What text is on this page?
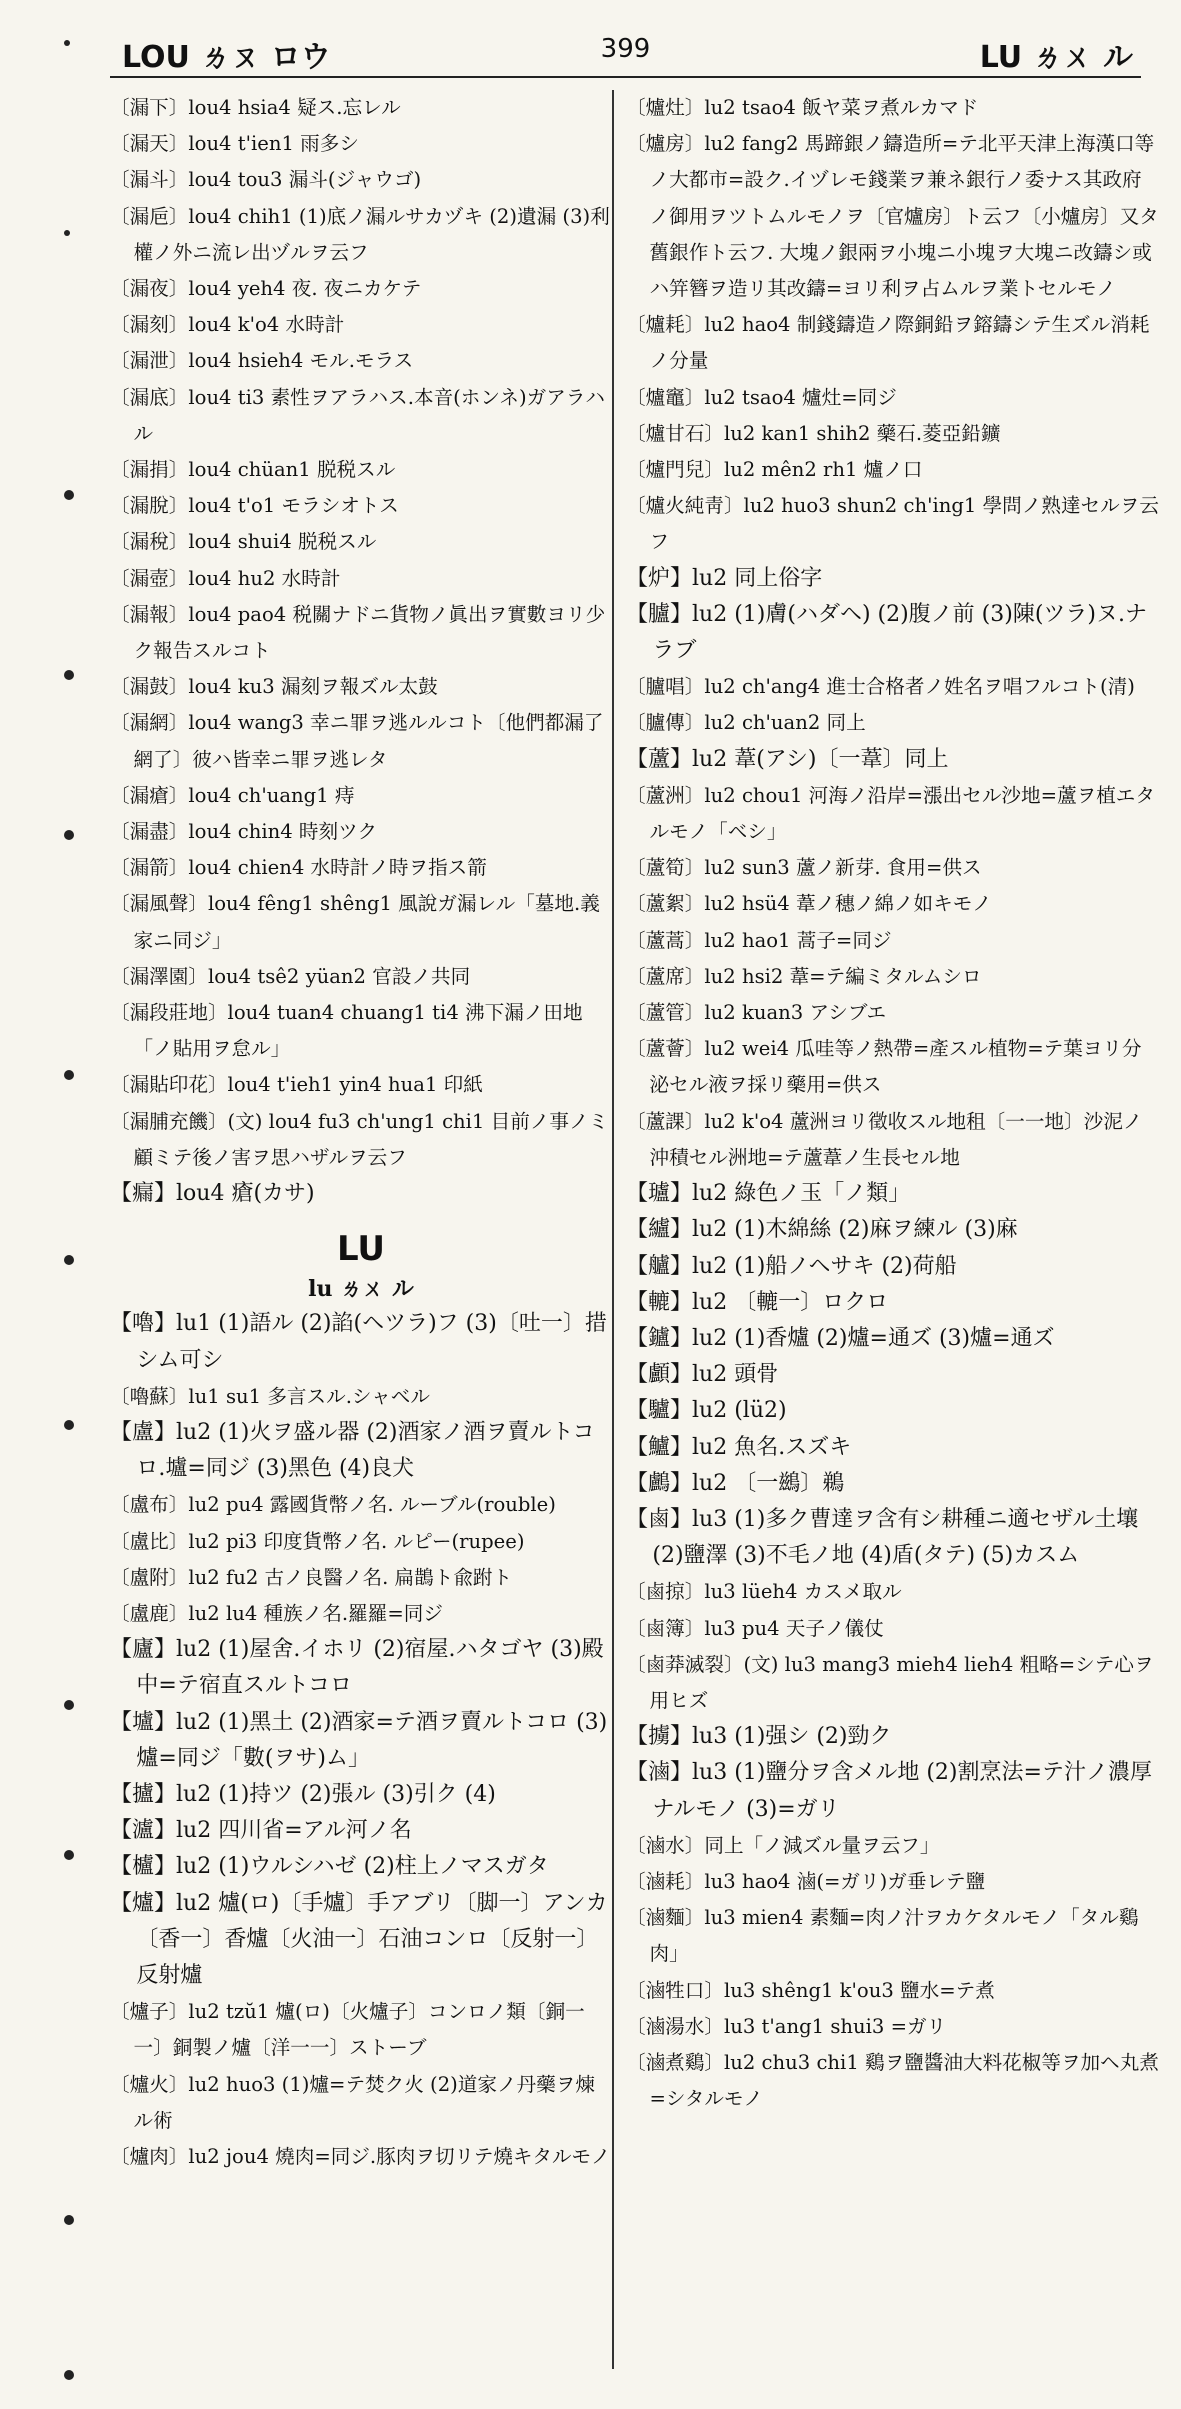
LOU ㄌㄡ ロウ	399	LU ㄌㄨ ル
〔漏下〕lou4 hsia4 疑ス.忘レル
〔漏天〕lou4 t'ien1 雨多シ
〔漏斗〕lou4 tou3 漏斗(ジャウゴ)
〔漏巵〕lou4 chih1 (1)底ノ漏ルサカヅキ (2)遺漏 (3)利權ノ外ニ流レ出ヅルヲ云フ
〔漏夜〕lou4 yeh4 夜. 夜ニカケテ
〔漏刻〕lou4 k'o4 水時計
〔漏泄〕lou4 hsieh4 モル.モラス
〔漏底〕lou4 ti3 素性ヲアラハス.本音(ホンネ)ガアラハル
〔漏捐〕lou4 chüan1 脱税スル
〔漏脫〕lou4 t'o1 モラシオトス
〔漏稅〕lou4 shui4 脱税スル
〔漏壺〕lou4 hu2 水時計
〔漏報〕lou4 pao4 税關ナドニ貨物ノ眞出ヲ實數ヨリ少ク報告スルコト
〔漏鼓〕lou4 ku3 漏刻ヲ報ズル太鼓
〔漏網〕lou4 wang3 幸ニ罪ヲ逃ルルコト〔他們都漏了網了〕彼ハ皆幸ニ罪ヲ逃レタ
〔漏瘡〕lou4 ch'uang1 痔
〔漏盡〕lou4 chin4 時刻ツク
〔漏箭〕lou4 chien4 水時計ノ時ヲ指ス箭
〔漏風聲〕lou4 fêng1 shêng1 風說ガ漏レル「墓地.義家ニ同ジ」
〔漏澤園〕lou4 tsê2 yüan2 官設ノ共同
〔漏段莊地〕lou4 tuan4 chuang1 ti4 沸下漏ノ田地「ノ貼用ヲ怠ル」
〔漏貼印花〕lou4 t'ieh1 yin4 hua1 印紙
〔漏脯充饑〕(文) lou4 fu3 ch'ung1 chi1 目前ノ事ノミ顧ミテ後ノ害ヲ思ハザルヲ云フ
【瘺】lou4 瘡(カサ)
LU
lu ㄌㄨ ル
【嚕】lu1 (1)語ル (2)諂(ヘツラ)フ (3)〔吐一〕措シム可シ
〔嚕蘇〕lu1 su1 多言スル.シャベル
【盧】lu2 (1)火ヲ盛ル器 (2)酒家ノ酒ヲ賣ルトコロ.壚=同ジ (3)黑色 (4)良犬
〔盧布〕lu2 pu4 露國貨幣ノ名. ルーブル(rouble)
〔盧比〕lu2 pi3 印度貨幣ノ名. ルピー(rupee)
〔盧附〕lu2 fu2 古ノ良醫ノ名. 扁鵲ト兪跗ト
〔盧鹿〕lu2 lu4 種族ノ名.羅羅=同ジ
【廬】lu2 (1)屋舍.イホリ (2)宿屋.ハタゴヤ (3)殿中=テ宿直スルトコロ
【壚】lu2 (1)黑土 (2)酒家=テ酒ヲ賣ルトコロ (3)爐=同ジ「數(ヲサ)ム」
【攎】lu2 (1)持ツ (2)張ル (3)引ク (4)
【瀘】lu2 四川省=アル河ノ名
【櫨】lu2 (1)ウルシハゼ (2)柱上ノマスガタ
【爐】lu2 爐(ロ)〔手爐〕手アブリ〔脚一〕アンカ〔香一〕香爐〔火油一〕石油コンロ〔反射一〕反射爐
〔爐子〕lu2 tzŭ1 爐(ロ)〔火爐子〕コンロノ類〔銅一一〕銅製ノ爐〔洋一一〕ストーブ
〔爐火〕lu2 huo3 (1)爐=テ焚ク火 (2)道家ノ丹藥ヲ煉ル術
〔爐肉〕lu2 jou4 燒肉=同ジ.豚肉ヲ切リテ燒キタルモノ
〔爐灶〕lu2 tsao4 飯ヤ菜ヲ煮ルカマド
〔爐房〕lu2 fang2 馬蹄銀ノ鑄造所=テ北平天津上海漢口等ノ大都市=設ク.イヅレモ錢業ヲ兼ネ銀行ノ委ナス其政府ノ御用ヲツトムルモノヲ〔官爐房〕ト云フ〔小爐房〕又タ舊銀作ト云フ. 大塊ノ銀兩ヲ小塊ニ小塊ヲ大塊ニ改鑄シ或ハ笄簪ヲ造リ其改鑄=ヨリ利ヲ占ムルヲ業トセルモノ
〔爐耗〕lu2 hao4 制錢鑄造ノ際銅鉛ヲ鎔鑄シテ生ズル消耗ノ分量
〔爐竈〕lu2 tsao4 爐灶=同ジ
〔爐甘石〕lu2 kan1 shih2 藥石.菱亞鉛鑛
〔爐門兒〕lu2 mên2 rh1 爐ノ口
〔爐火純靑〕lu2 huo3 shun2 ch'ing1 學問ノ熟達セルヲ云フ
【炉】lu2 同上俗字
【臚】lu2 (1)膚(ハダヘ) (2)腹ノ前 (3)陳(ツラ)ヌ.ナラブ
〔臚唱〕lu2 ch'ang4 進士合格者ノ姓名ヲ唱フルコト(清)
〔臚傳〕lu2 ch'uan2 同上
【蘆】lu2 葦(アシ)〔一葦〕同上
〔蘆洲〕lu2 chou1 河海ノ沿岸=漲出セル沙地=蘆ヲ植エタルモノ「ベシ」
〔蘆筍〕lu2 sun3 蘆ノ新芽. 食用=供ス
〔蘆絮〕lu2 hsü4 葦ノ穗ノ綿ノ如キモノ
〔蘆蒿〕lu2 hao1 蒿子=同ジ
〔蘆席〕lu2 hsi2 葦=テ編ミタルムシロ
〔蘆管〕lu2 kuan3 アシブエ
〔蘆薈〕lu2 wei4 瓜哇等ノ熱帶=產スル植物=テ葉ヨリ分泌セル液ヲ採リ藥用=供ス
〔蘆課〕lu2 k'o4 蘆洲ヨリ徵收スル地租〔一一地〕沙泥ノ沖積セル洲地=テ蘆葦ノ生長セル地
【瓐】lu2 綠色ノ玉「ノ類」
【纑】lu2 (1)木綿絲 (2)麻ヲ練ル (3)麻
【艫】lu2 (1)船ノヘサキ (2)荷船
【轆】lu2 〔轆一〕ロクロ
【鑪】lu2 (1)香爐 (2)爐=通ズ (3)爐=通ズ
【顱】lu2 頭骨
【驢】lu2 (lü2)
【鱸】lu2 魚名.スズキ
【鸕】lu2 〔一鷀〕鵜
【鹵】lu3 (1)多ク曹達ヲ含有シ耕種ニ適セザル土壤 (2)鹽澤 (3)不毛ノ地 (4)盾(タテ) (5)カスム
〔鹵掠〕lu3 lüeh4 カスメ取ル
〔鹵簿〕lu3 pu4 天子ノ儀仗
〔鹵莽滅裂〕(文) lu3 mang3 mieh4 lieh4 粗略=シテ心ヲ用ヒズ
【擄】lu3 (1)强シ (2)勁ク
【滷】lu3 (1)鹽分ヲ含メル地 (2)割烹法=テ汁ノ濃厚ナルモノ (3)=ガリ
〔滷水〕同上「ノ減ズル量ヲ云フ」
〔滷耗〕lu3 hao4 滷(=ガリ)ガ垂レテ鹽
〔滷麵〕lu3 mien4 素麵=肉ノ汁ヲカケタルモノ「タル鷄肉」
〔滷牲口〕lu3 shêng1 k'ou3 鹽水=テ煮
〔滷湯水〕lu3 t'ang1 shui3 =ガリ
〔滷煮鷄〕lu2 chu3 chi1 鷄ヲ鹽醬油大料花椒等ヲ加ヘ丸煮=シタルモノ
